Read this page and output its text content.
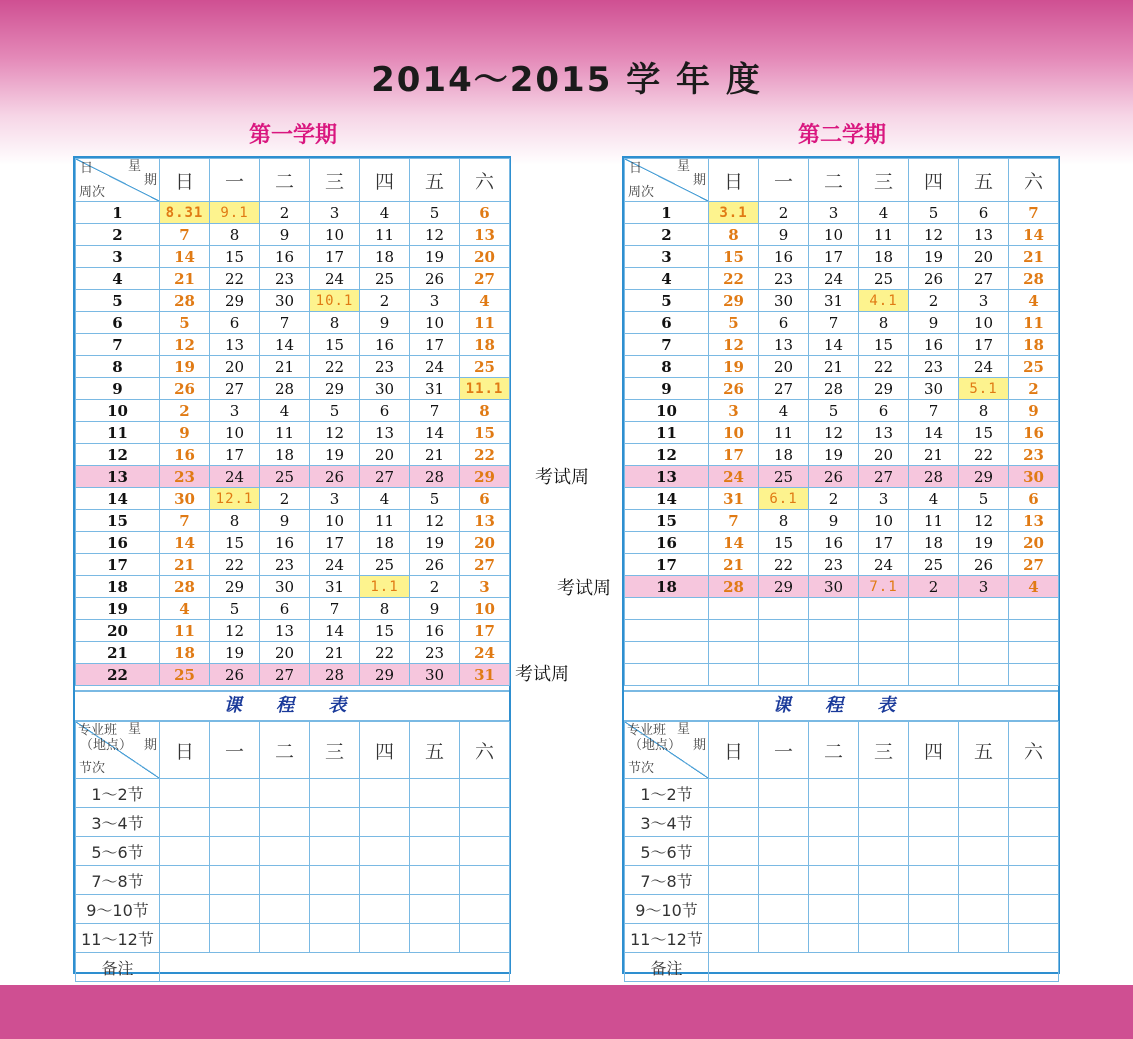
2014～2015 学 年 度
第一学期	第二学期
日 星
期
周次	日	一	二	三	四	五	六
1	8.31	9.1	2	3	4	5	6
2	7	8	9	10	11	12	13
3	14	15	16	17	18	19	20
4	21	22	23	24	25	26	27
5	28	29	30	10.1	2	3	4
6	5	6	7	8	9	10	11
7	12	13	14	15	16	17	18
8	19	20	21	22	23	24	25
9	26	27	28	29	30	31	11.1
10	2	3	4	5	6	7	8
11	9	10	11	12	13	14	15
12	16	17	18	19	20	21	22
13	23	24	25	26	27	28	29
14	30	12.1	2	3	4	5	6
15	7	8	9	10	11	12	13
16	14	15	16	17	18	19	20
17	21	22	23	24	25	26	27
18	28	29	30	31	1.1	2	3
19	4	5	6	7	8	9	10
20	11	12	13	14	15	16	17
21	18	19	20	21	22	23	24
22	25	26	27	28	29	30	31
课 程 表
专业班
（地点）
星
期
节次	日	一	二	三	四	五	六
1～2节							
3～4节							
5～6节							
7～8节							
9～10节							
11～12节							
备注							
日 星
期
周次	日	一	二	三	四	五	六
1	3.1	2	3	4	5	6	7
2	8	9	10	11	12	13	14
3	15	16	17	18	19	20	21
4	22	23	24	25	26	27	28
5	29	30	31	4.1	2	3	4
6	5	6	7	8	9	10	11
7	12	13	14	15	16	17	18
8	19	20	21	22	23	24	25
9	26	27	28	29	30	5.1	2
10	3	4	5	6	7	8	9
11	10	11	12	13	14	15	16
12	17	18	19	20	21	22	23
13	24	25	26	27	28	29	30
14	31	6.1	2	3	4	5	6
15	7	8	9	10	11	12	13
16	14	15	16	17	18	19	20
17	21	22	23	24	25	26	27
18	28	29	30	7.1	2	3	4

课 程 表
专业班
（地点）
星
期
节次	日	一	二	三	四	五	六
1～2节							
3～4节							
5～6节							
7～8节							
9～10节							
11～12节							
备注							
考试周
考试周
考试周
